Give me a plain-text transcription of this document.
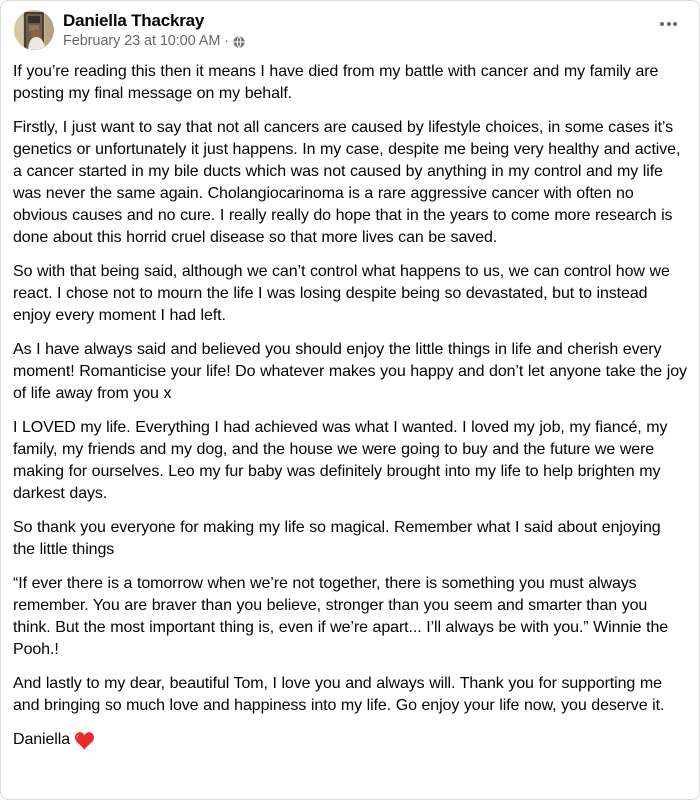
Daniella Thackray
February 23 at 10:00 AM ·

If you’re reading this then it means I have died from my battle with cancer and my family are posting my final message on my behalf.

Firstly, I just want to say that not all cancers are caused by lifestyle choices, in some cases it’s genetics or unfortunately it just happens. In my case, despite me being very healthy and active, a cancer started in my bile ducts which was not caused by anything in my control and my life was never the same again. Cholangiocarinoma is a rare aggressive cancer with often no obvious causes and no cure. I really really do hope that in the years to come more research is done about this horrid cruel disease so that more lives can be saved.

So with that being said, although we can’t control what happens to us, we can control how we react. I chose not to mourn the life I was losing despite being so devastated, but to instead enjoy every moment I had left.

As I have always said and believed you should enjoy the little things in life and cherish every moment! Romanticise your life! Do whatever makes you happy and don’t let anyone take the joy of life away from you x

I LOVED my life. Everything I had achieved was what I wanted. I loved my job, my fiancé, my family, my friends and my dog, and the house we were going to buy and the future we were making for ourselves. Leo my fur baby was definitely brought into my life to help brighten my darkest days.

So thank you everyone for making my life so magical. Remember what I said about enjoying the little things

“If ever there is a tomorrow when we’re not together, there is something you must always remember. You are braver than you believe, stronger than you seem and smarter than you think. But the most important thing is, even if we’re apart... I’ll always be with you.” Winnie the Pooh.!

And lastly to my dear, beautiful Tom, I love you and always will. Thank you for supporting me and bringing so much love and happiness into my life. Go enjoy your life now, you deserve it.

Daniella
